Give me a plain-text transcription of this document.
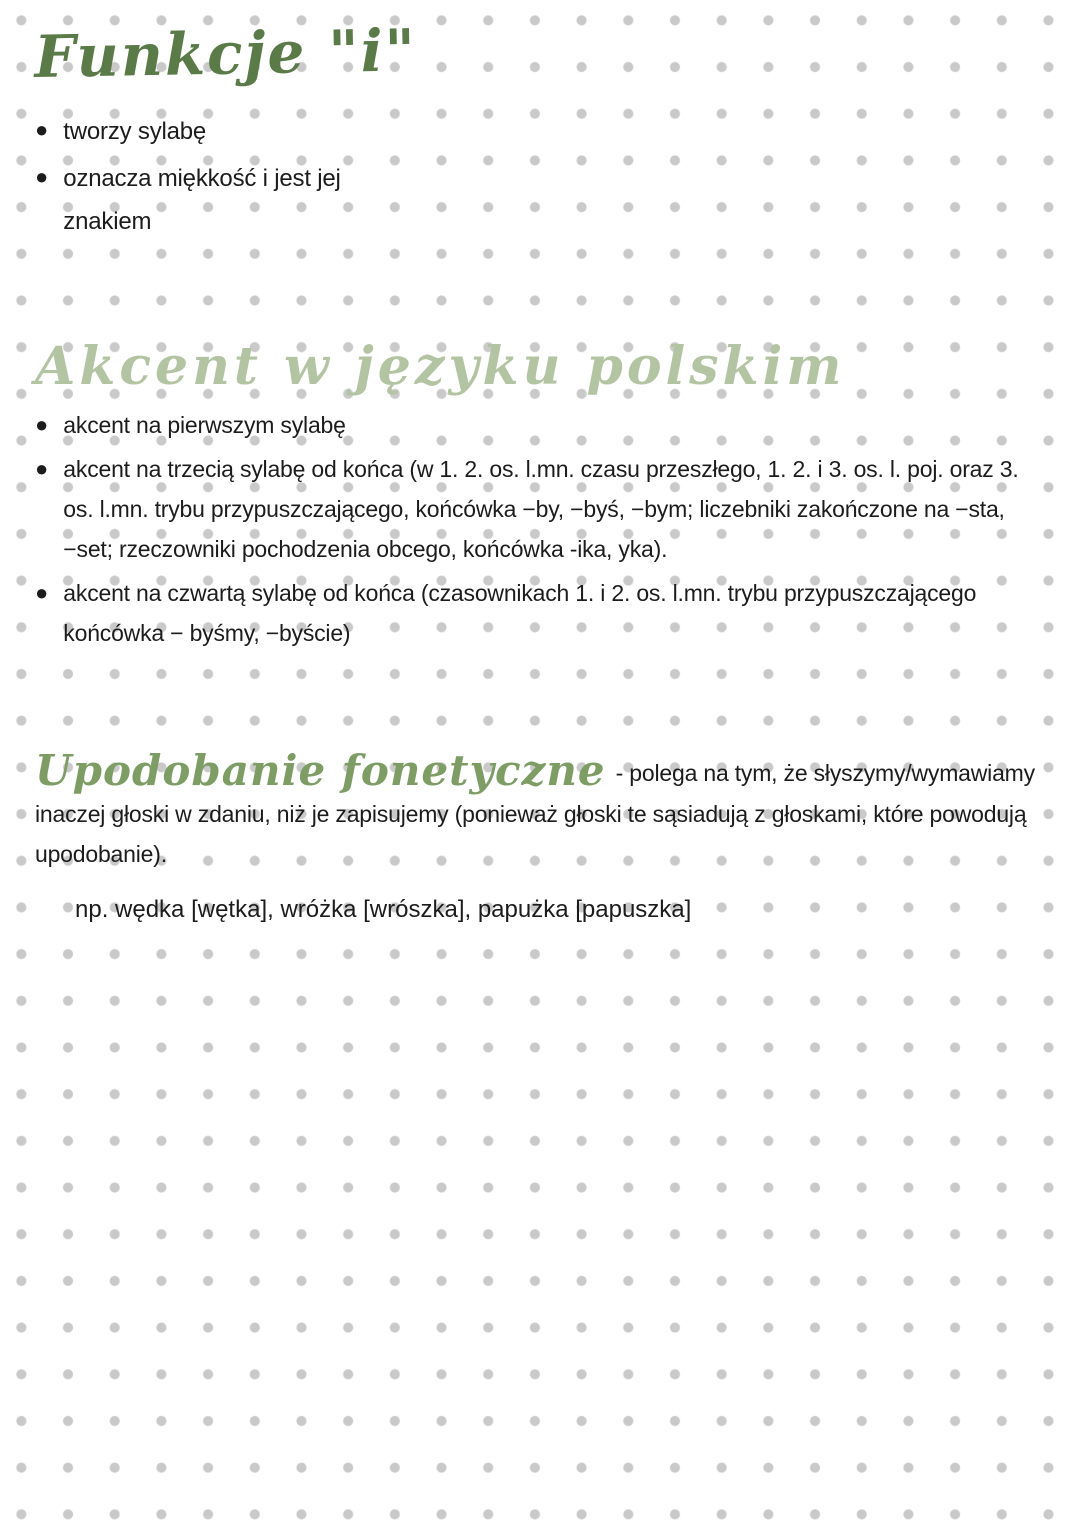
Funkcje "i"
● tworzy sylabę
● oznacza miękkość i jest jej znakiem
Akcent w języku polskim
● akcent na pierwszym sylabę
● akcent na trzecią sylabę od końca (w 1. 2. os. l.mn. czasu przeszłego, 1. 2. i 3. os. l. poj. oraz 3. os. l.mn. trybu przypuszczającego, końcówka −by, −byś, −bym; liczebniki zakończone na −sta, −set; rzeczowniki pochodzenia obcego, końcówka -ika, yka).
● akcent na czwartą sylabę od końca (czasownikach 1. i 2. os. l.mn. trybu przypuszczającego końcówka − byśmy, −byście)

Upodobanie fonetyczne - polega na tym, że słyszymy/wymawiamy inaczej głoski w zdaniu, niż je zapisujemy (ponieważ głoski te sąsiadują z głoskami, które powodują upodobanie).

np. wędka [wętka], wróżka [wrószka], papużka [papuszka]
